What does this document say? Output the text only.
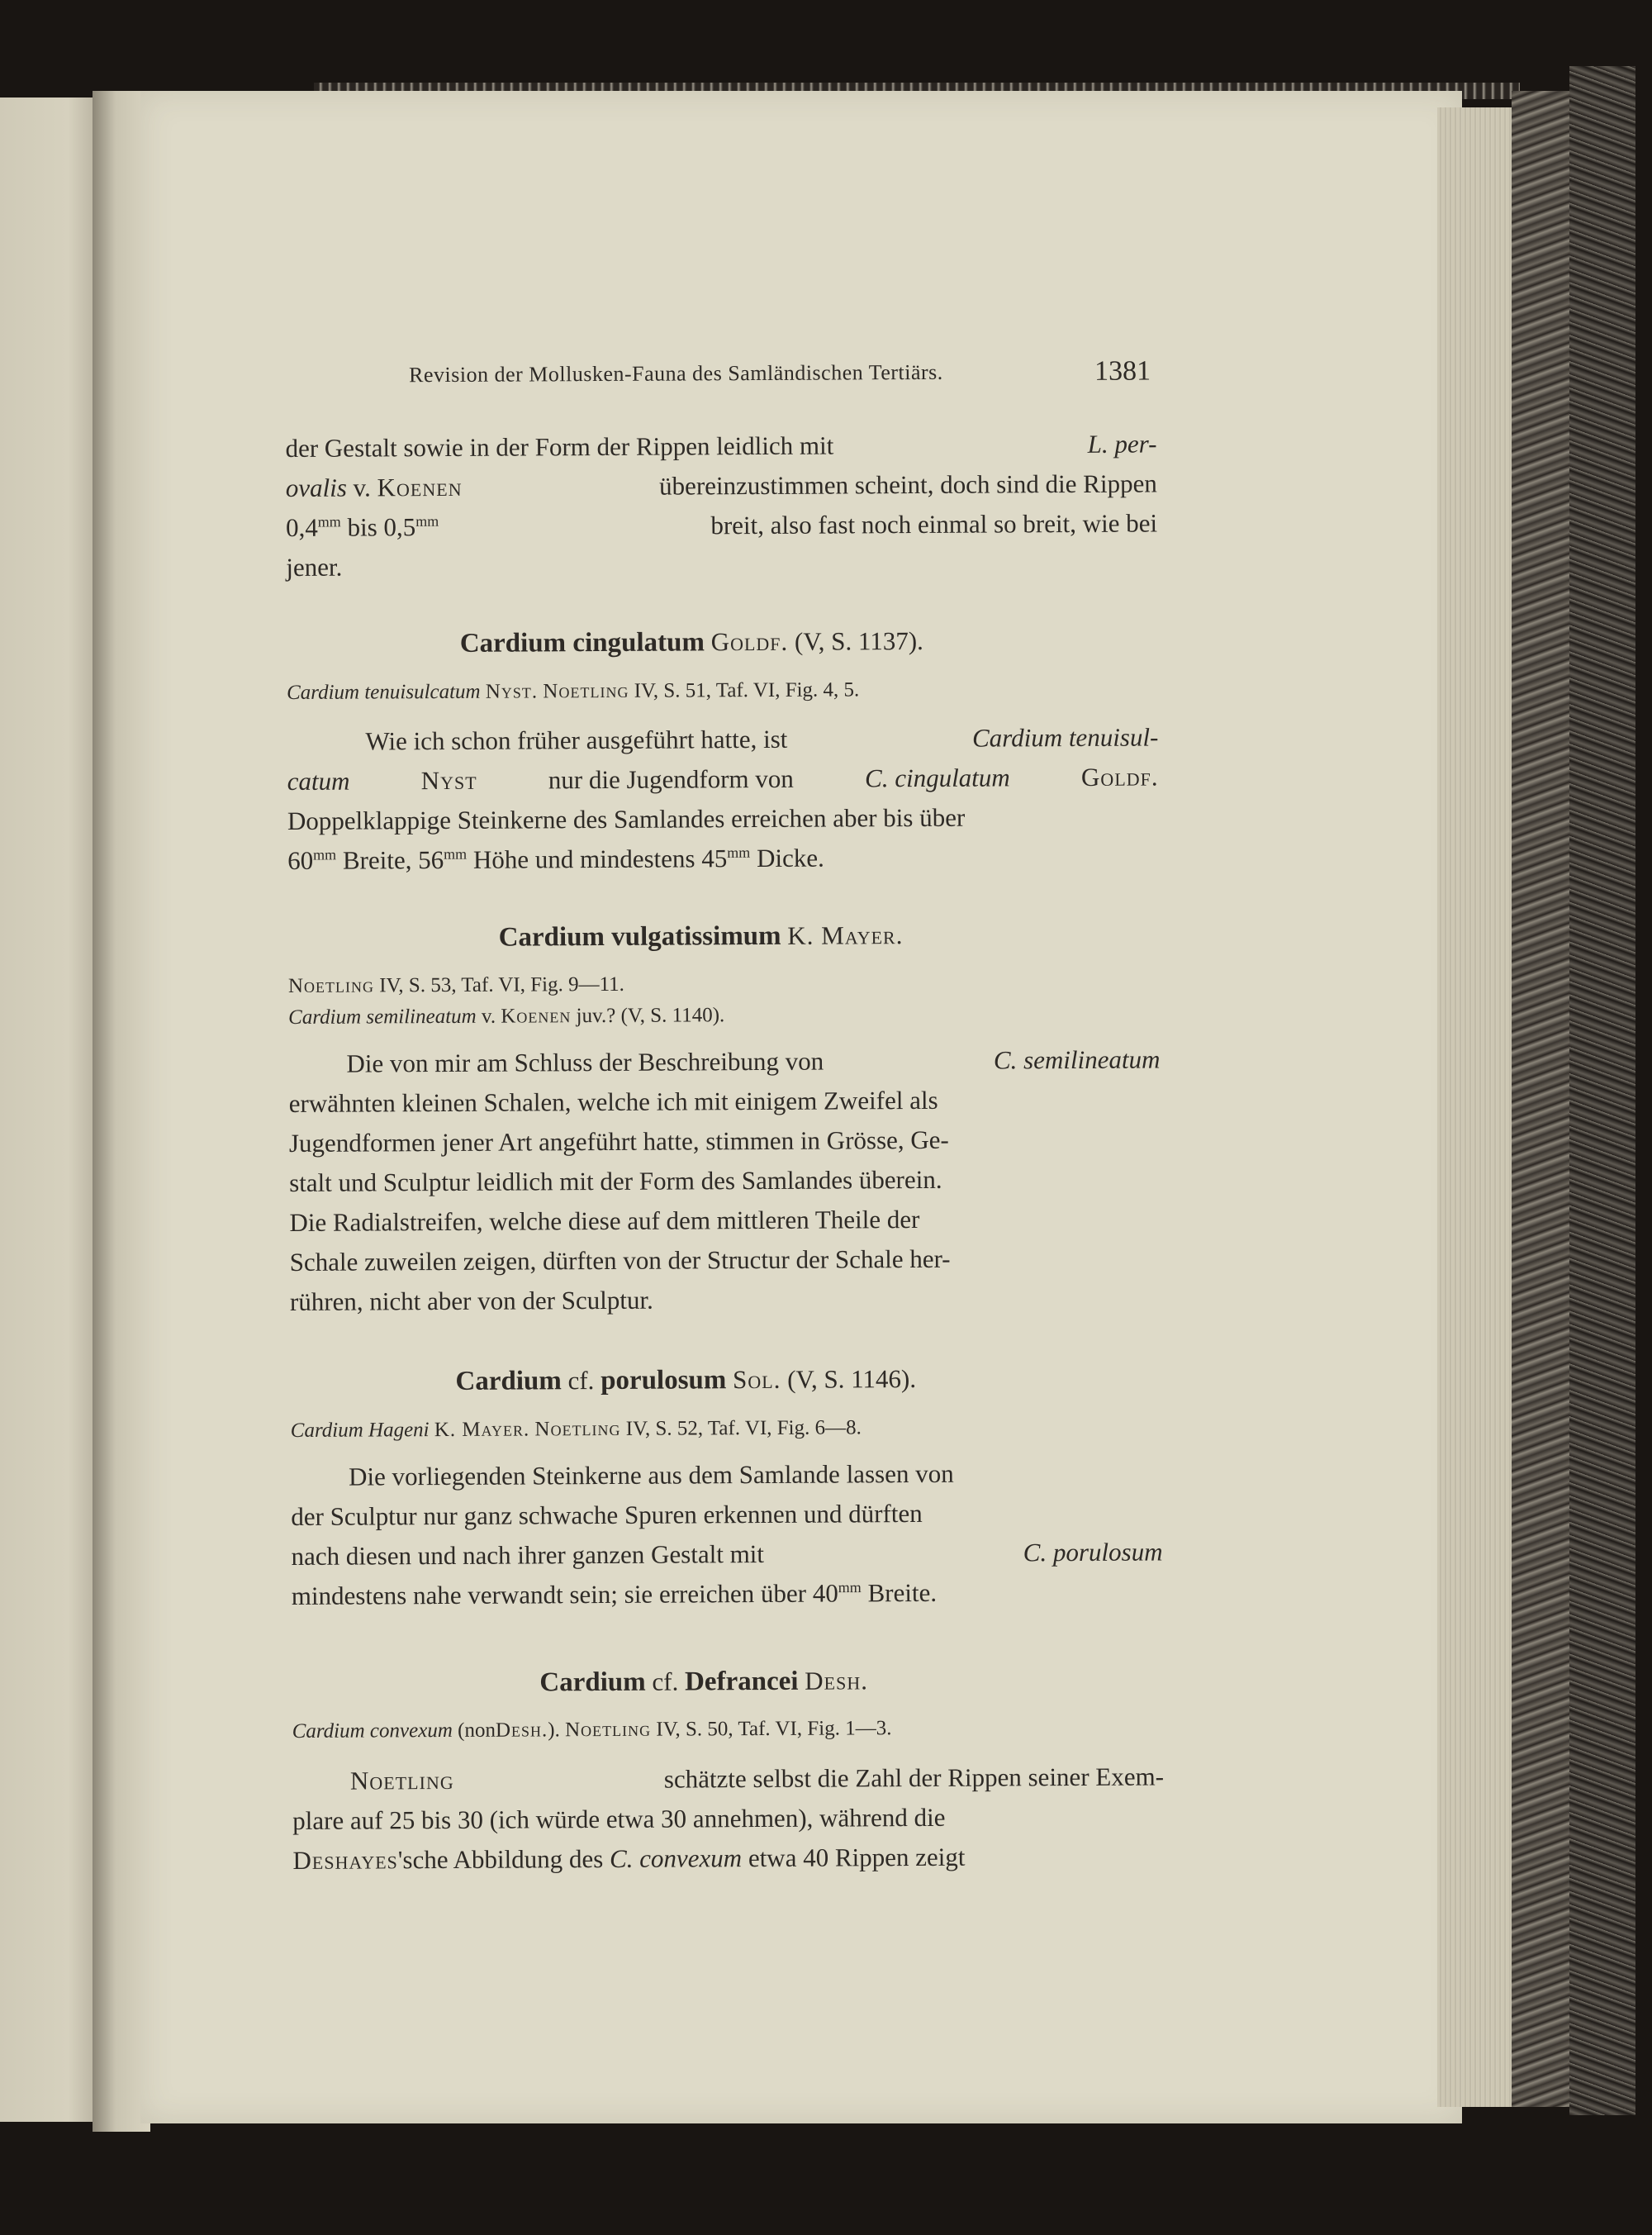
Revision der Mollusken-Fauna des Samländischen Tertiärs.	1381
der Gestalt sowie in der Form der Rippen leidlich mit	L. per-
ovalis v. Koenen	übereinzustimmen scheint, doch sind die Rippen
$0,4^{mm}$ bis $0,5^{mm}$	breit, also fast noch einmal so breit, wie bei
jener.
Cardium cingulatum Goldf. (V, S. 1137).
Cardium tenuisulcatum Nyst. Noetling IV, S. 51, Taf. VI, Fig. 4, 5.
Wie ich schon früher ausgeführt hatte, ist	Cardium tenuisul-
catum	Nyst	nur die Jugendform von	C. cingulatum	Goldf.
Doppelklappige Steinkerne des Samlandes erreichen aber bis über
$60^{mm}$ Breite, $56^{mm}$ Höhe und mindestens $45^{mm}$ Dicke.
Cardium vulgatissimum K. Mayer.
Noetling IV, S. 53, Taf. VI, Fig. 9—11.
Cardium semilineatum v. Koenen juv.? (V, S. 1140).
Die von mir am Schluss der Beschreibung von	C. semilineatum
erwähnten kleinen Schalen, welche ich mit einigem Zweifel als
Jugendformen jener Art angeführt hatte, stimmen in Grösse, Ge-
stalt und Sculptur leidlich mit der Form des Samlandes überein.
Die Radialstreifen, welche diese auf dem mittleren Theile der
Schale zuweilen zeigen, dürften von der Structur der Schale her-
rühren, nicht aber von der Sculptur.
Cardium cf. porulosum Sol. (V, S. 1146).
Cardium Hageni K. Mayer. Noetling IV, S. 52, Taf. VI, Fig. 6—8.
Die vorliegenden Steinkerne aus dem Samlande lassen von
der Sculptur nur ganz schwache Spuren erkennen und dürften
nach diesen und nach ihrer ganzen Gestalt mit	C. porulosum
mindestens nahe verwandt sein; sie erreichen über $40^{mm}$ Breite.
Cardium cf. Defrancei Desh.
Cardium convexum (nonDesh.). Noetling IV, S. 50, Taf. VI, Fig. 1—3.
Noetling	schätzte selbst die Zahl der Rippen seiner Exem-
plare auf 25 bis 30 (ich würde etwa 30 annehmen), während die
Deshayes'sche Abbildung des C. convexum etwa 40 Rippen zeigt
